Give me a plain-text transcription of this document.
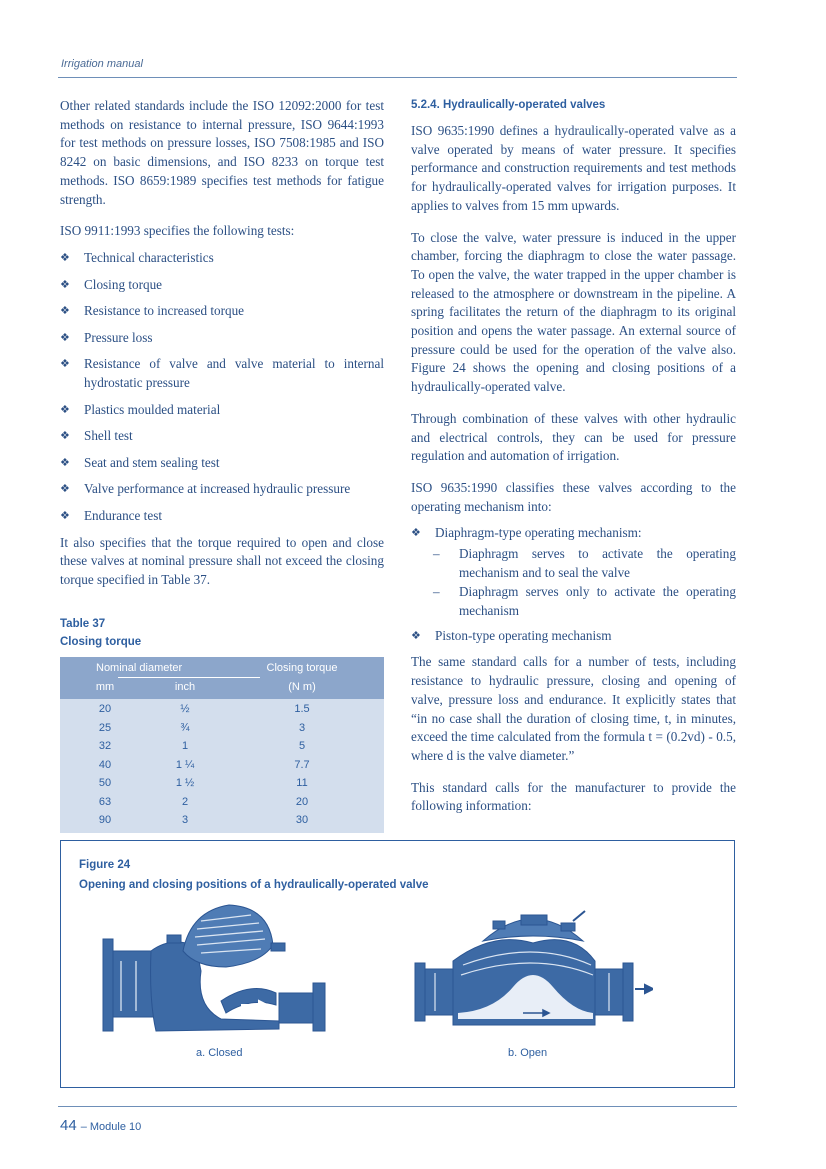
Irrigation manual

Other related standards include the ISO 12092:2000 for test methods on resistance to internal pressure, ISO 9644:1993 for test methods on pressure losses, ISO 7508:1985 and ISO 8242 on basic dimensions, and ISO 8233 on torque test methods. ISO 8659:1989 specifies test methods for fatigue strength.

ISO 9911:1993 specifies the following tests:

❖ Technical characteristics
❖ Closing torque
❖ Resistance to increased torque
❖ Pressure loss
❖ Resistance of valve and valve material to internal hydrostatic pressure
❖ Plastics moulded material
❖ Shell test
❖ Seat and stem sealing test
❖ Valve performance at increased hydraulic pressure
❖ Endurance test

It also specifies that the torque required to open and close these valves at nominal pressure shall not exceed the closing torque specified in Table 37.

Table 37
Closing torque
Nominal diameter
mm	inch
Closing torque
(N m)
20	½	1.5
25	¾	3
32	1	5
40	1 ¼	7.7
50	1 ½	11
63	2	20
90	3	30
5.2.4. Hydraulically-operated valves

ISO 9635:1990 defines a hydraulically-operated valve as a valve operated by means of water pressure. It specifies performance and construction requirements and test methods for hydraulically-operated valves for irrigation purposes. It applies to valves from 15 mm upwards.

To close the valve, water pressure is induced in the upper chamber, forcing the diaphragm to close the water passage. To open the valve, the water trapped in the upper chamber is released to the atmosphere or downstream in the pipeline. A spring facilitates the return of the diaphragm to its original position and opens the water passage. An external source of pressure could be used for the operation of the valve also. Figure 24 shows the opening and closing positions of a hydraulically-operated valve.

Through combination of these valves with other hydraulic and electrical controls, they can be used for pressure regulation and automation of irrigation.

ISO 9635:1990 classifies these valves according to the operating mechanism into:

❖ Diaphragm-type operating mechanism:
– Diaphragm serves to activate the operating mechanism and to seal the valve
– Diaphragm serves only to activate the operating mechanism
❖ Piston-type operating mechanism

The same standard calls for a number of tests, including resistance to hydraulic pressure, closing and opening of valve, pressure loss and endurance. It explicitly states that “in no case shall the duration of closing time, t, in minutes, exceed the time calculated from the formula t = (0.2vd) - 0.5, where d is the valve diameter.”

This standard calls for the manufacturer to provide the following information:

Figure 24
Opening and closing positions of a hydraulically-operated valve
a. Closed	b. Open
44 – Module 10
